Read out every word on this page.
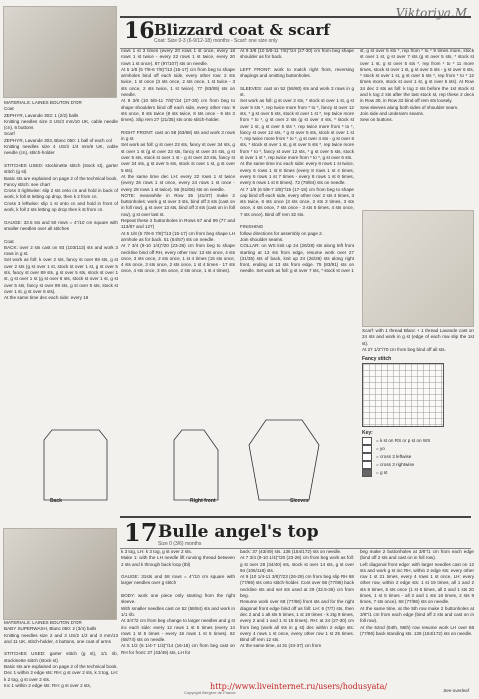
Viktoriya.M
16 Blizzard coat & scarf
Coat: Size 0-3 (6-9/12-18) months - Scarf: one size only
MATERIALS: LAINES BOUTON D'OR
Coat
ZEPHYR, Lavande 303: 1 (2/2) balls
Knitting needles size 3 US/3 mm/10 UK, cable needle (cn), 6 buttons
Scarf
ZEPHYR, Lavande 303, Blanc 050: 1 ball of each col
Knitting needles size 4 US/3 1/4 mm/9 UK, cable needle (cn), stitch-holder

STITCHES USED: stockinette stitch (stock st), garter stitch (g st)
Basic sts are explained on page 2 of the technical book.
Fancy stitch: see chart
Cross 3 rightwise: slip 2 sts onto cn and hold in back of work, k foll st letting op drop, then k 2 from cn.
Cross 3 leftwise: slip 1 st onto cn and hold in front of work, k foll 2 sts letting op drop then k st from cn.

GAUGE: 33.5 sts and 50 rows = 4"/10 cm square with smaller needles over all stitches

Coat
BACK: over 2 sts cast on 93 (103/113) sts and work 3 rows in g st.
Set work as foll: k over 2 sts, fancy st over 89 sts, g st over 2 sts (g st over 1 st, stock st over 1 st, g st over 5 sts, fancy st over 89 sts, g st over 5 sts, stock st over 1 st, g st over 1 st (g st over 6 sts, stock st over 1 st, g st over 5 sts, fancy st over 89 sts, g st over 5 sts, stock st over 1 st, g st over 6 sts).
At the same time dec each side: every 16
rows 1 st 3 times (every 20 rows 1 st once, every 18 rows 1 st twice - every 22 rows 1 st twice, every 20 rows 1 st once). 87 (97/107) sts on needle.
At 5 1/8 (5 7/8-6 7/8)"/13 (15-17) cm from beg to shape armholes bind off each side, every other row: 2 sts twice, 1 st once (3 sts once, 2 sts once, 1 st twice - 3 sts once, 2 sts twice, 1 st twice). 77 (83/89) sts on needle.
At 9 3/8 (10 5/8-11 7/8)"/24 (27-30) cm from beg to shape shoulders bind off each side, every other row: 9 sts once, 8 sts twice (9 sts twice, 8 sts once - 9 sts 3 times). Slip rem 27 (21/35) sts onto stitch-holder.

RIGHT FRONT: cast on 58 (63/68) sts and work 3 rows in g st.
Set work as foll: g st over 23 sts, fancy st over 34 sts, g st over 1 st (g st over 23 sts, fancy st over 34 sts, g st over 5 sts, stock st over 1 st - g st over 23 sts, fancy st over 34 sts, g st over 5 sts, stock st over 1 st, g st over 5 sts).
At the same time dec LH: every 22 rows 1 st twice (every 26 rows 1 st once, every 24 rows 1 st once - every 28 rows 1 st twice). 56 (61/66) sts on needle.
NOTE: meanwhile in Row 35 (41/47) make 2 buttonholes: work g st over 3 sts, bind off 3 sts (cast on in foll row), g st over 13 sts, bind off 3 sts (cast on in foll row), g st over last st.
Repeat these 2 buttonholes in Rows 67 and 99 (77 and 113/87 and 127)
At 5 1/8 (5 7/8-6 7/8)"/13 (15-17) cm from beg shape LH armhole as for back. 51 (54/57) sts on needle.
At 7 3/4 (9-10 1/4)"/20 (23-26) cm from beg to shape neckline bind off RH, every other row: 13 sts once, 4 sts once, 3 sts once, 2 sts once, 1 st 4 times (15 sts once, 4 sts once, 3 sts once, 2 sts once, 1 st 4 times - 17 sts once, 4 sts once, 3 sts once, 2 sts once, 1 st 4 times).
At 9 3/8 (10 5/8-11 7/8)"/24 (27-30) cm from beg shape shoulder as for back.

LEFT FRONT: work to match right front, reversing shapings and omitting buttonholes.

SLEEVES: cast on 52 (56/60) sts and work 3 rows in g st.
Set work as foll: g st over 2 sts, * stock st over 1 st, g st over 5 sts *, rep twice more from * to *, fancy st over 12 sts, * g st over 5 sts, stock st over 1 st *, rep twice more from * to *, g st over 2 sts (g st over 4 sts, * stock st over 1 st, g st over 5 sts *, rep twice more from * to *, fancy st over 12 sts, * g st over 5 sts, stock st over 1 st *, rep twice more from * to *, g st over 4 sts - g st over 6 sts, * stock st over 1 st, g st over 5 sts *, rep twice more from * to *, fancy st over 12 sts, * g st over 5 sts, stock st over 1 st *, rep twice more from * to *, g st over 6 sts.
At the same time inc each side: every 8 rows 1 st twice, every 6 rows 1 st 8 times (every 8 rows 1 st 4 times, every 6 rows 1 st 7 times - every 8 rows 1 st 6 times, every 6 rows 1 st 6 times). 72 (78/84) sts on needle.
At 7 1/8 (6 5/8-7 3/8)"/15 (17-19) cm from beg to shape cap bind off each side, every other row: 2 sts 4 times, 3 sts twice, 6 sts once (3 sts once, 2 sts 3 times, 3 sts once, 4 sts once, 7 sts once - 3 sts 5 times, 4 sts once, 7 sts once). Bind off rem 32 sts.

FINISHING
follow directions for assembly on page 2.
Join shoulder seams.
COLLAR: on WS knit up 24 (26/28) sts along left front starting at 13 sts from edge, resume work over 27 (31/35) sts of back, knit up 24 (26/28) sts along right front, ending at 13 sts from edge. 75 (83/91) sts on needle. Set work as foll: g st over 7 sts, * stock st over 1
st, g st over 5 sts *, rep from * to * 9 times more, stock st over 1 st, g st over 7 sts (g st over 5 sts, * stock st over 1 st, g st over 5 sts *, rep from * to * 11 more times, stock st over 1 st, g st over 5 sts - g st over 6 sts, * stock st over 1 st, g st over 5 sts *, rep from * to * 12 times more, stock st over 1 st, g st over 6 sts). At Row 24 dec 2 sts as foll: k tog 2 sts before the 1st stock st and k tog 2 sts after the last stock st, rep these 2 decs in Row 30, in Row 32 bind off rem sts loosely.
Sew sleeves along both sides of shoulder seam.
Join side and underarm seams.
Sew on buttons.
Scarf: with 1 thread Blanc + 1 thread Lavande cast on 24 sts and work in g st (edge of each row slip the 1st st).
At 27 1/2"/70 cm from beg bind off all sts.
Fancy stitch
Key:
= k st on RS or p st on WS
= yo
= cross 3 leftwise
= cross 3 rightwise
= g st
Back	Right front	Sleeves
17 Bulle angel's top
Size 0 (3/6) months
MATERIALS: LAINES BOUTON D'OR
BABY SUPERWASH, Blanc 050: 2 (3/4) balls
Knitting needles size 2 and 3 US/2 1/2 and 3 mm/13 and 11 UK, stitch-holder, 4 buttons, one coat of arms

STITCHES USED: garter stitch (g st), 1/1 rib, stockinette stitch (stock st)
Basic sts are explained on page 2 of the technical book.
Dec 1 within 2 edge sts: RH: g st over 2 sts, k 3 tog, LH: k 2 tog, g st over 2 sts.
Inc 1 within 2 edge sts: RH: g st over 2 sts,
k 3 tog, LH: k 3 tog, g st over 2 sts.
Make 1: with the LH needle lift running thread between 2 sts and k through back loop (tbl)

GAUGE: 31sts and 58 rows = 4"/10 cm square with larger needles over g stitch

BODY: work one piece only starting from the right sleeve.
With smaller needles cast on 52 (58/64) sts and work in 1/1 rib.
At 3/4"/2 cm from beg change to larger needles and g st inc each side: every 12 rows 1 st 5 times (every 14 rows 1 st 5 times - every 16 rows 1 st 5 times). 62 (68/74) sts on needle.
At 5 1/2 (6 1/4-7 1/4)"/14 (16-18) cm from beg cast on RH for front: 37 (43/49) sts, LH for
back: 37 (43/49) sts. 136 (154/172) sts on needle.
At 7 3/4 (9-10 1/4)"/20 (23-26) cm from beg work as foll: g st over 28 (34/40) sts, stock st over 14 sts, g st over 94 (106/118) sts.
At 9 (10 1/4-11 3/8)"/23 (26-29) cm from beg slip RH 68 (77/86) sts onto stitch-holder. Cont over 68 (77/86) back neckline sts and set sts used at 29 (32.5-36) cm from beg.
Resume work over 68 (77/86) front sts and for the right diagonal front edge bind off as foll: LH: 6 (7/7) sts, then dec 2 and 1 alt sts 5 times, 1 st 19 times - k 2tg 9 times, every 2 and 1 and 1 st 18 times). RH: at 24 (27-30) cm from beg (work all sts in g st) dec within 2 edge sts: every 4 rows 1 st once, every other row 1 st 25 times. Bind off rem 12 sts.
At the same time, at 31 (34-37) cm from
beg make 2 buttonholes at 3/8"/1 cm from each edge (bind off 2 sts and cast on in foll row).
Left diagonal front edge: with larger needles cast on 12 sts and work g st inc RH, within 2 edge sts: every other row 1 st 21 times, every 4 rows 1 st once, LH: every other row, within 2 edge sts: 1 st 19 times, all 1 and 2 sts 5 times, 6 sts once (1 st 6 times, all 2 and 1 sts 20 times, 1 st 5 times - all 2 and 1 sts 18 times, 2 sts 9 times, 7 sts once). 68 (77/86) sts on needle.
At the same time, at the 5th row make 2 buttonholes at 3/8"/1 cm from each edge (bind off 2 sts and cast on in foll row).
At the 52nd (54th, 56th) row resume work LH over 68 (77/86) back standing sts. 136 (154/172) sts on needle.
Copyright Bergere de France
http://www.liveinternet.ru/users/hodusyata/	See overleaf
